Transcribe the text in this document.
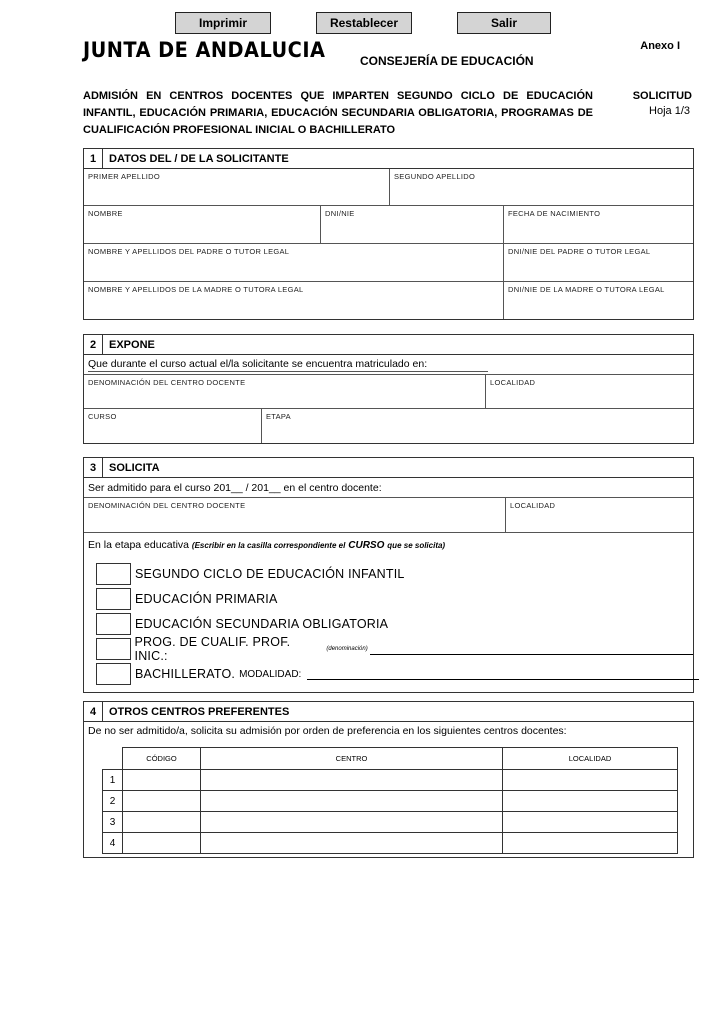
Imprimir	Restablecer	Salir
JUNTA DE ANDALUCIA	Anexo I
CONSEJERÍA DE EDUCACIÓN
ADMISIÓN EN CENTROS DOCENTES QUE IMPARTEN SEGUNDO CICLO DE EDUCACIÓN INFANTIL, EDUCACIÓN PRIMARIA, EDUCACIÓN SECUNDARIA OBLIGATORIA, PROGRAMAS DE CUALIFICACIÓN PROFESIONAL INICIAL O BACHILLERATO
SOLICITUD
Hoja 1/3
1	DATOS DEL / DE LA SOLICITANTE
PRIMER APELLIDO	SEGUNDO APELLIDO
NOMBRE	DNI/NIE	FECHA DE NACIMIENTO
NOMBRE Y APELLIDOS DEL PADRE O TUTOR LEGAL	DNI/NIE DEL PADRE O TUTOR LEGAL
NOMBRE Y APELLIDOS DE LA MADRE O TUTORA LEGAL	DNI/NIE DE LA MADRE O TUTORA LEGAL
2	EXPONE
Que durante el curso actual el/la solicitante se encuentra matriculado en:
DENOMINACIÓN DEL CENTRO DOCENTE	LOCALIDAD
CURSO	ETAPA
3	SOLICITA
Ser admitido para el curso 201__ / 201__ en el centro docente:
DENOMINACIÓN DEL CENTRO DOCENTE	LOCALIDAD
En la etapa educativa (Escribir en la casilla correspondiente el CURSO que se solicita)
SEGUNDO CICLO DE EDUCACIÓN INFANTIL
EDUCACIÓN PRIMARIA
EDUCACIÓN SECUNDARIA OBLIGATORIA
PROG. DE CUALIF. PROF. INIC.:	(denominación)
BACHILLERATO. MODALIDAD:
4	OTROS CENTROS PREFERENTES
De no ser admitido/a, solicita su admisión por orden de preferencia en los siguientes centros docentes:
	CÓDIGO	CENTRO	LOCALIDAD
1			
2			
3			
4			
